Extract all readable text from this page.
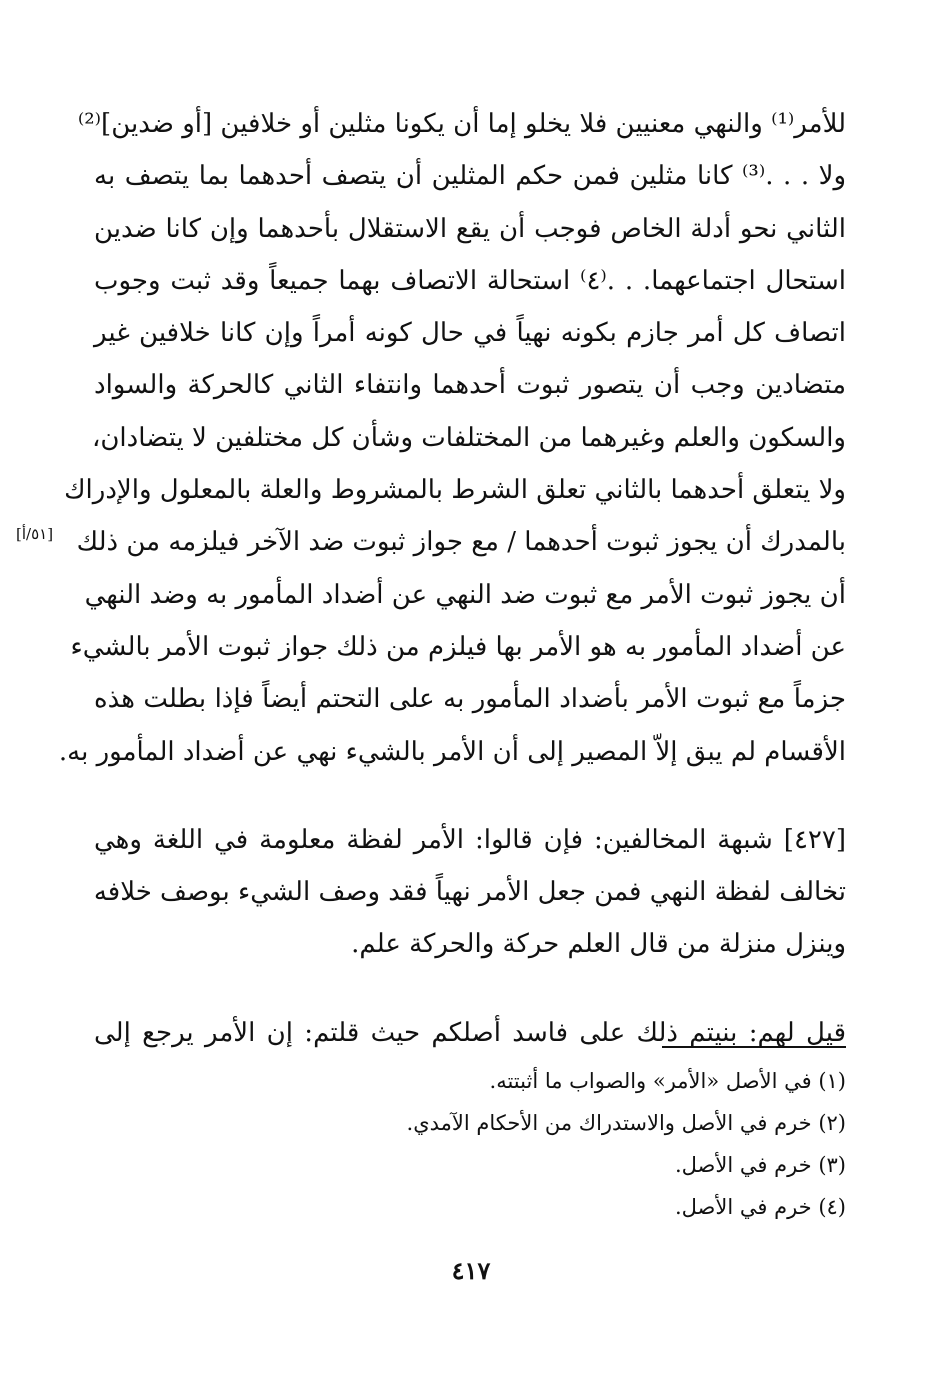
للأمر⁽¹⁾ والنهي معنيين فلا يخلو إما أن يكونا مثلين أو خلافين [أو ضدين]⁽²⁾
ولا . . .⁽³⁾ كانا مثلين فمن حكم المثلين أن يتصف أحدهما بما يتصف به
الثاني نحو أدلة الخاص فوجب أن يقع الاستقلال بأحدهما وإن كانا ضدين
استحال اجتماعهما. . .⁽٤⁾ استحالة الاتصاف بهما جميعاً وقد ثبت وجوب
اتصاف كل أمر جازم بكونه نهياً في حال كونه أمراً وإن كانا خلافين غير
متضادين وجب أن يتصور ثبوت أحدهما وانتفاء الثاني كالحركة والسواد
والسكون والعلم وغيرهما من المختلفات وشأن كل مختلفين لا يتضادان،
ولا يتعلق أحدهما بالثاني تعلق الشرط بالمشروط والعلة بالمعلول والإدراك
بالمدرك أن يجوز ثبوت أحدهما / مع جواز ثبوت ضد الآخر فيلزمه من ذلك
أن يجوز ثبوت الأمر مع ثبوت ضد النهي عن أضداد المأمور به وضد النهي
عن أضداد المأمور به هو الأمر بها فيلزم من ذلك جواز ثبوت الأمر بالشيء
جزماً مع ثبوت الأمر بأضداد المأمور به على التحتم أيضاً فإذا بطلت هذه
الأقسام لم يبق إلاّ المصير إلى أن الأمر بالشيء نهي عن أضداد المأمور به.
[٤٢٧] شبهة المخالفين: فإن قالوا: الأمر لفظة معلومة في اللغة وهي
تخالف لفظة النهي فمن جعل الأمر نهياً فقد وصف الشيء بوصف خلافه
وينزل منزلة من قال العلم حركة والحركة علم.
قيل لهم: بنيتم ذلك على فاسد أصلكم حيث قلتم: إن الأمر يرجع إلى
[٥١/أ]
(١) في الأصل «الأمر» والصواب ما أثبتته.
(٢) خرم في الأصل والاستدراك من الأحكام الآمدي.
(٣) خرم في الأصل.
(٤) خرم في الأصل.
٤١٧
